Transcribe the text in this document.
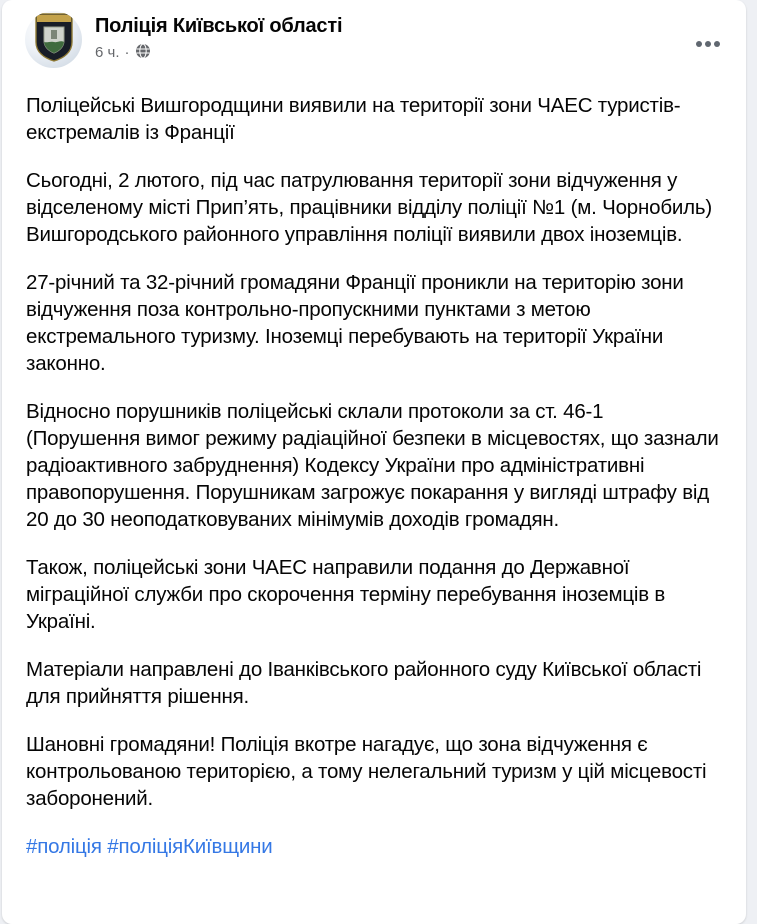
Поліція Київської області
6 ч. ·

Поліцейські Вишгородщини виявили на території зони ЧАЕС туристів-екстремалів із Франції

Сьогодні, 2 лютого, під час патрулювання території зони відчуження у відселеному місті Прип’ять, працівники відділу поліції №1 (м. Чорнобиль) Вишгородського районного управління поліції виявили двох іноземців.

27-річний та 32-річний громадяни Франції проникли на територію зони відчуження поза контрольно-пропускними пунктами з метою екстремального туризму. Іноземці перебувають на території України законно.

Відносно порушників поліцейські склали протоколи за ст. 46-1 (Порушення вимог режиму радіаційної безпеки в місцевостях, що зазнали радіоактивного забруднення) Кодексу України про адміністративні правопорушення. Порушникам загрожує покарання у вигляді штрафу від 20 до 30 неоподатковуваних мінімумів доходів громадян.

Також, поліцейські зони ЧАЕС направили подання до Державної міграційної служби про скорочення терміну перебування іноземців в Україні.

Матеріали направлені до Іванківського районного суду Київської області для прийняття рішення.

Шановні громадяни! Поліція вкотре нагадує, що зона відчуження є контрольованою територією, а тому нелегальний туризм у цій місцевості заборонений.

#поліція #поліціяКиївщини
